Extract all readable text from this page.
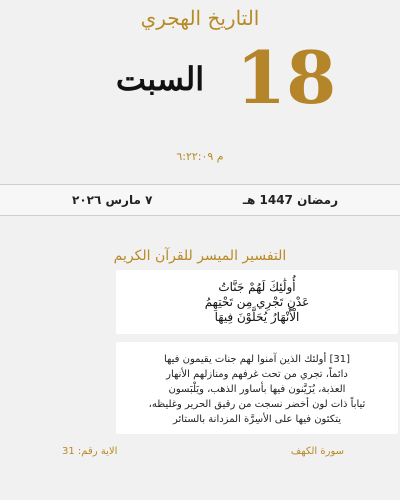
التاريخ الهجري
18
السبت
م ٦:٢٢:٠٩
٧ مارس ٢٠٢٦	رمضان 1447 هـ
التفسير الميسر للقرآن الكريم
أُولَٰئِكَ لَهُمْ جَنَّاتُ
عَدْنٍ تَجْرِي مِن تَحْتِهِمُ
الْأَنْهَارُ يُحَلَّوْنَ فِيهَا
[31] أولئك الذين آمنوا لهم جنات يقيمون فيها
دائماً، تجري من تحت غرفهم ومنازلهم الأنهار
العذبة، يُزَيَّنون فيها بأساور الذهب، ويَلْبَسون
ثياباً ذات لون أخضر نسجت من رقيق الحرير وغليظه،
يتكئون فيها على الأسِرَّة المزدانة بالستائر
الاية رقم: 31	سورة الكهف
